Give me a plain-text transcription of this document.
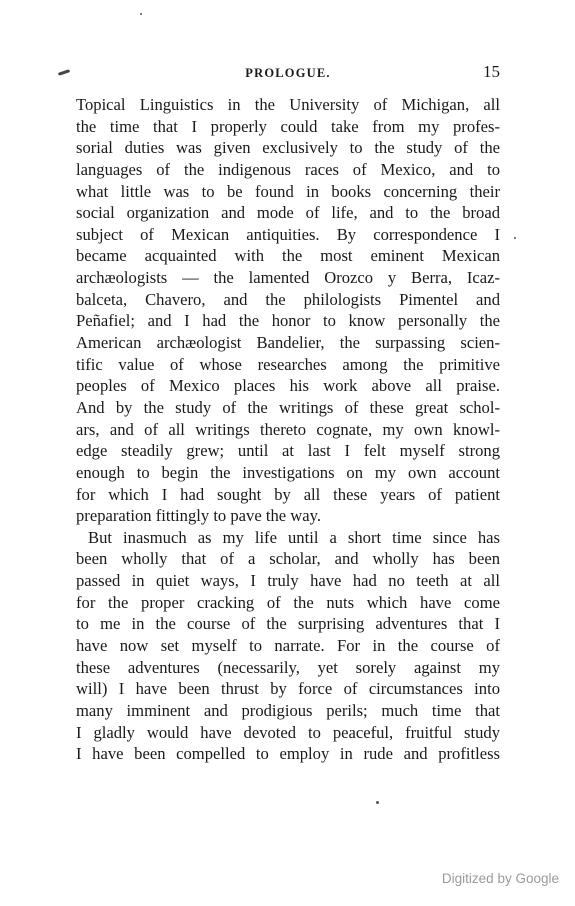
PROLOGUE.	15
Topical Linguistics in the University of Michigan, all
the time that I properly could take from my profes-
sorial duties was given exclusively to the study of the
languages of the indigenous races of Mexico, and to
what little was to be found in books concerning their
social organization and mode of life, and to the broad
subject of Mexican antiquities. By correspondence I
became acquainted with the most eminent Mexican
archæologists — the lamented Orozco y Berra, Icaz-
balceta, Chavero, and the philologists Pimentel and
Peñafiel; and I had the honor to know personally the
American archæologist Bandelier, the surpassing scien-
tific value of whose researches among the primitive
peoples of Mexico places his work above all praise.
And by the study of the writings of these great schol-
ars, and of all writings thereto cognate, my own knowl-
edge steadily grew; until at last I felt myself strong
enough to begin the investigations on my own account
for which I had sought by all these years of patient
preparation fittingly to pave the way.
But inasmuch as my life until a short time since has
been wholly that of a scholar, and wholly has been
passed in quiet ways, I truly have had no teeth at all
for the proper cracking of the nuts which have come
to me in the course of the surprising adventures that I
have now set myself to narrate. For in the course of
these adventures (necessarily, yet sorely against my
will) I have been thrust by force of circumstances into
many imminent and prodigious perils; much time that
I gladly would have devoted to peaceful, fruitful study
I have been compelled to employ in rude and profitless
Digitized by Google
